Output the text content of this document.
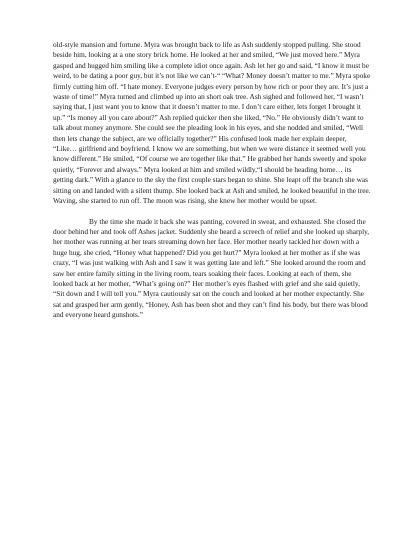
old-style mansion and fortune. Myra was brought back to life as Ash suddenly stopped pulling. She stood beside him, looking at a one story brick home. He looked at her and smiled, “We just moved here.” Myra gasped and hugged him smiling like a complete idiot once again. Ash let her go and said, “I know it must be weird, to be dating a poor guy, but it’s not like we can’t-“ “What? Money doesn’t matter to me.” Myra spoke firmly cutting him off. “I hate money. Everyone judges every person by how rich or poor they are. It’s just a waste of time!” Myra turned and climbed up into an short oak tree. Ash sighed and followed her, “I wasn’t saying that, I just want you to know that it doesn’t matter to me. I don’t care either, lets forget I brought it up.” “Is money all you care about?” Ash replied quicker then she liked, “No.” He obviously didn’t want to talk about money anymore. She could see the pleading look in his eyes, and she nodded and smiled, “Well then lets change the subject, are we officially together?” His confused look made her explain deeper, “Like… girlfriend and boyfriend. I know we are something, but when we were distance it seemed well you know different.” He smiled, “Of course we are together like that.” He grabbed her hands sweetly and spoke quietly, “Forever and always.” Myra looked at him and smiled wildly,“I should be heading home… its getting dark.” With a glance to the sky the first couple stars began to shine. She leapt off the branch she was sitting on and landed with a silent thump. She looked back at Ash and smiled, he looked beautiful in the tree. Waving, she started to run off. The moon was rising, she knew her mother would be upset.

By the time she made it back she was panting, covered in sweat, and exhausted. She closed the door behind her and took off Ashes jacket. Suddenly she heard a screech of relief and she looked up sharply, her mother was running at her tears streaming down her face. Her mother nearly tackled her down with a huge hug, she cried, “Honey what happened? Did you get hurt?” Myra looked at her mother as if she was crazy, “I was just walking with Ash and I saw it was getting late and left.” She looked around the room and saw her entire family sitting in the living room, tears soaking their faces. Looking at each of them, she looked back at her mother, “What’s going on?” Her mother’s eyes flashed with grief and she said quietly, “Sit down and I will tell you.” Myra cautiously sat on the couch and looked at her mother expectantly. She sat and grasped her arm gently, “Honey, Ash has been shot and they can’t find his body, but there was blood and everyone heard gunshots.”
